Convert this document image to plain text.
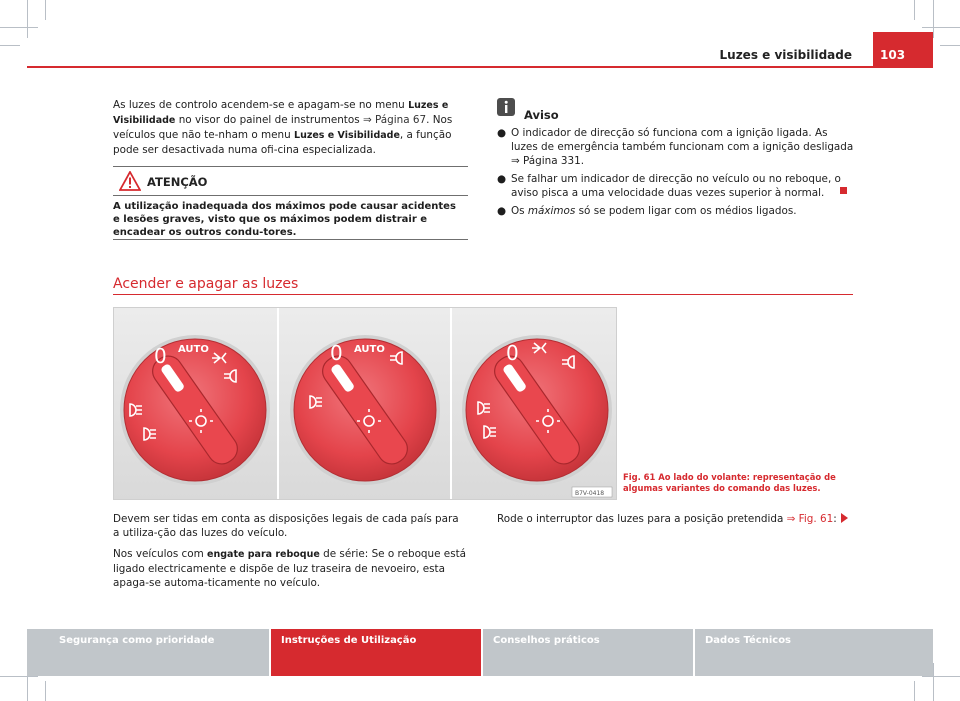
Luzes e visibilidade 103

As luzes de controlo acendem-se e apagam-se no menu Luzes e Visibilidade no visor do painel de instrumentos ⇒ Página 67. Nos veículos que não te-nham o menu Luzes e Visibilidade, a função pode ser desactivada numa ofi-cina especializada.

ATENÇÃO

A utilização inadequada dos máximos pode causar acidentes e lesões graves, visto que os máximos podem distrair e encadear os outros condu-tores.

Aviso
● O indicador de direcção só funciona com a ignição ligada. As luzes de emergência também funcionam com a ignição desligada ⇒ Página 331.
● Se falhar um indicador de direcção no veículo ou no reboque, o aviso pisca a uma velocidade duas vezes superior à normal.
● Os máximos só se podem ligar com os médios ligados.
Acender e apagar as luzes
0 AUTO	0 AUTO	0
B7V-0418
Fig. 61 Ao lado do volante: representação de algumas variantes do comando das luzes.

Devem ser tidas em conta as disposições legais de cada país para a utiliza-ção das luzes do veículo.

Nos veículos com engate para reboque de série: Se o reboque está ligado electricamente e dispõe de luz traseira de nevoeiro, esta apaga-se automa-ticamente no veículo.

Rode o interruptor das luzes para a posição pretendida ⇒ Fig. 61:

Segurança como prioridade	Instruções de Utilização	Conselhos práticos	Dados Técnicos
